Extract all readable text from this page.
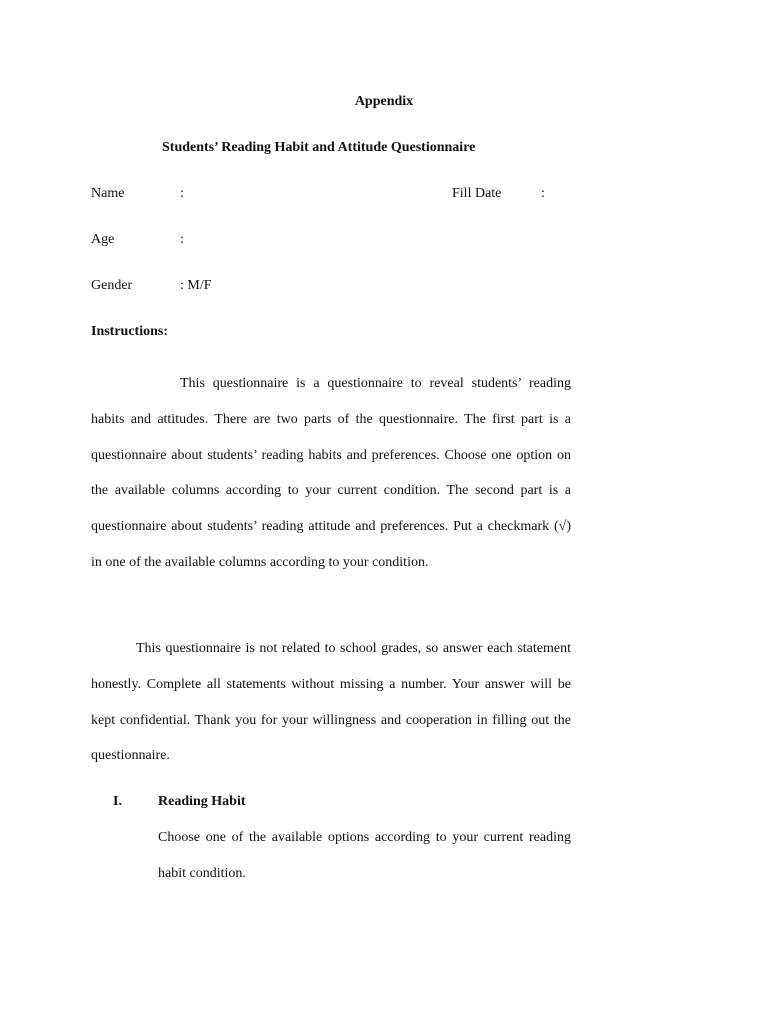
Appendix
Students’ Reading Habit and Attitude Questionnaire
Name	:	Fill Date	:
Age	:
Gender	: M/F
Instructions:
This questionnaire is a questionnaire to reveal students’ reading habits and attitudes. There are two parts of the questionnaire. The first part is a questionnaire about students’ reading habits and preferences. Choose one option on the available columns according to your current condition. The second part is a questionnaire about students’ reading attitude and preferences. Put a checkmark (√) in one of the available columns according to your condition.
This questionnaire is not related to school grades, so answer each statement honestly. Complete all statements without missing a number. Your answer will be kept confidential. Thank you for your willingness and cooperation in filling out the questionnaire.
I.	Reading Habit
Choose one of the available options according to your current reading habit condition.
